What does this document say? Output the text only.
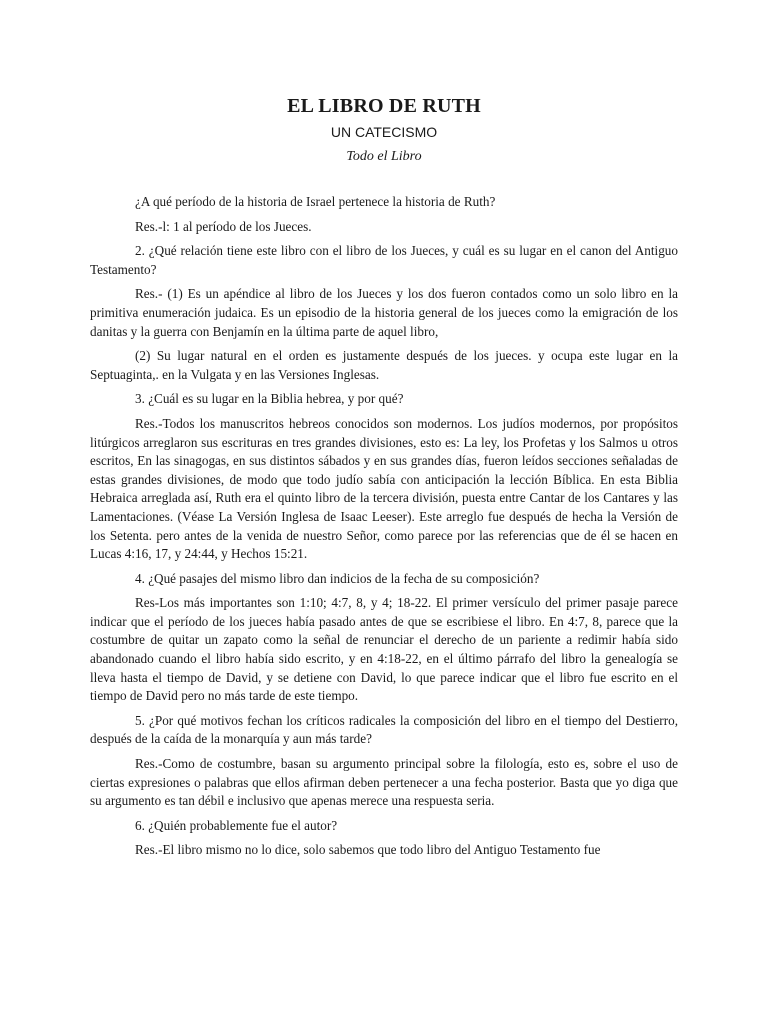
EL LIBRO DE RUTH
UN CATECISMO
Todo el Libro

¿A qué período de la historia de Israel pertenece la historia de Ruth?

Res.-l: 1 al período de los Jueces.

2. ¿Qué relación tiene este libro con el libro de los Jueces, y cuál es su lugar en el canon del Antiguo Testamento?

Res.- (1) Es un apéndice al libro de los Jueces y los dos fueron contados como un solo libro en la primitiva enumeración judaica. Es un episodio de la historia general de los jueces como la emigración de los danitas y la guerra con Benjamín en la última parte de aquel libro,

(2) Su lugar natural en el orden es justamente después de los jueces. y ocupa este lugar en la Septuaginta,. en la Vulgata y en las Versiones Inglesas.

3. ¿Cuál es su lugar en la Biblia hebrea, y por qué?

Res.-Todos los manuscritos hebreos conocidos son modernos. Los judíos modernos, por propósitos litúrgicos arreglaron sus escrituras en tres grandes divisiones, esto es: La ley, los Profetas y los Salmos u otros escritos, En las sinagogas, en sus distintos sábados y en sus grandes días, fueron leídos secciones señaladas de estas grandes divisiones, de modo que todo judío sabía con anticipación la lección Bíblica. En esta Biblia Hebraica arreglada así, Ruth era el quinto libro de la tercera división, puesta entre Cantar de los Cantares y las Lamentaciones. (Véase La Versión Inglesa de Isaac Leeser). Este arreglo fue después de hecha la Versión de los Setenta. pero antes de la venida de nuestro Señor, como parece por las referencias que de él se hacen en Lucas 4:16, 17, y 24:44, y Hechos 15:21.

4. ¿Qué pasajes del mismo libro dan indicios de la fecha de su composición?

Res-Los más importantes son 1:10; 4:7, 8, y 4; 18-22. El primer versículo del primer pasaje parece indicar que el período de los jueces había pasado antes de que se escribiese el libro. En 4:7, 8, parece que la costumbre de quitar un zapato como la señal de renunciar el derecho de un pariente a redimir había sido abandonado cuando el libro había sido escrito, y en 4:18-22, en el último párrafo del libro la genealogía se lleva hasta el tiempo de David, y se detiene con David, lo que parece indicar que el libro fue escrito en el tiempo de David pero no más tarde de este tiempo.

5. ¿Por qué motivos fechan los críticos radicales la composición del libro en el tiempo del Destierro, después de la caída de la monarquía y aun más tarde?

Res.-Como de costumbre, basan su argumento principal sobre la filología, esto es, sobre el uso de ciertas expresiones o palabras que ellos afirman deben pertenecer a una fecha posterior. Basta que yo diga que su argumento es tan débil e inclusivo que apenas merece una respuesta seria.

6. ¿Quién probablemente fue el autor?

Res.-El libro mismo no lo dice, solo sabemos que todo libro del Antiguo Testamento fue
